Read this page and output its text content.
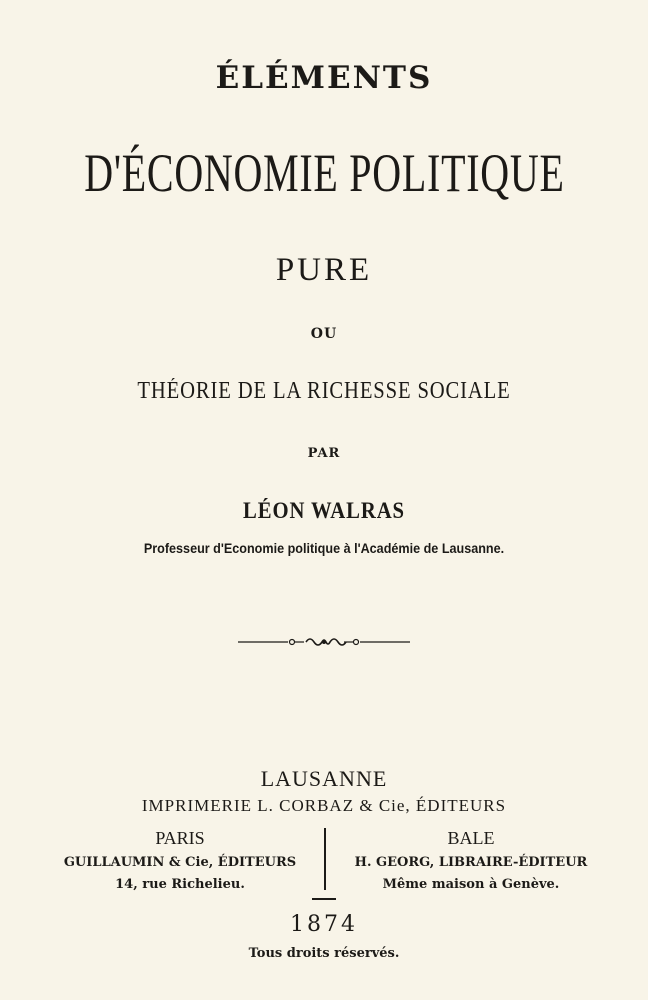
ÉLÉMENTS
D'ÉCONOMIE POLITIQUE
PURE
OU
THÉORIE DE LA RICHESSE SOCIALE
PAR
LÉON WALRAS
Professeur d'Economie politique à l'Académie de Lausanne.
LAUSANNE
IMPRIMERIE L. CORBAZ & Cie, ÉDITEURS
PARIS
GUILLAUMIN & Cie, ÉDITEURS
14, rue Richelieu.
BALE
H. GEORG, LIBRAIRE-ÉDITEUR
Même maison à Genève.
1874
Tous droits réservés.
